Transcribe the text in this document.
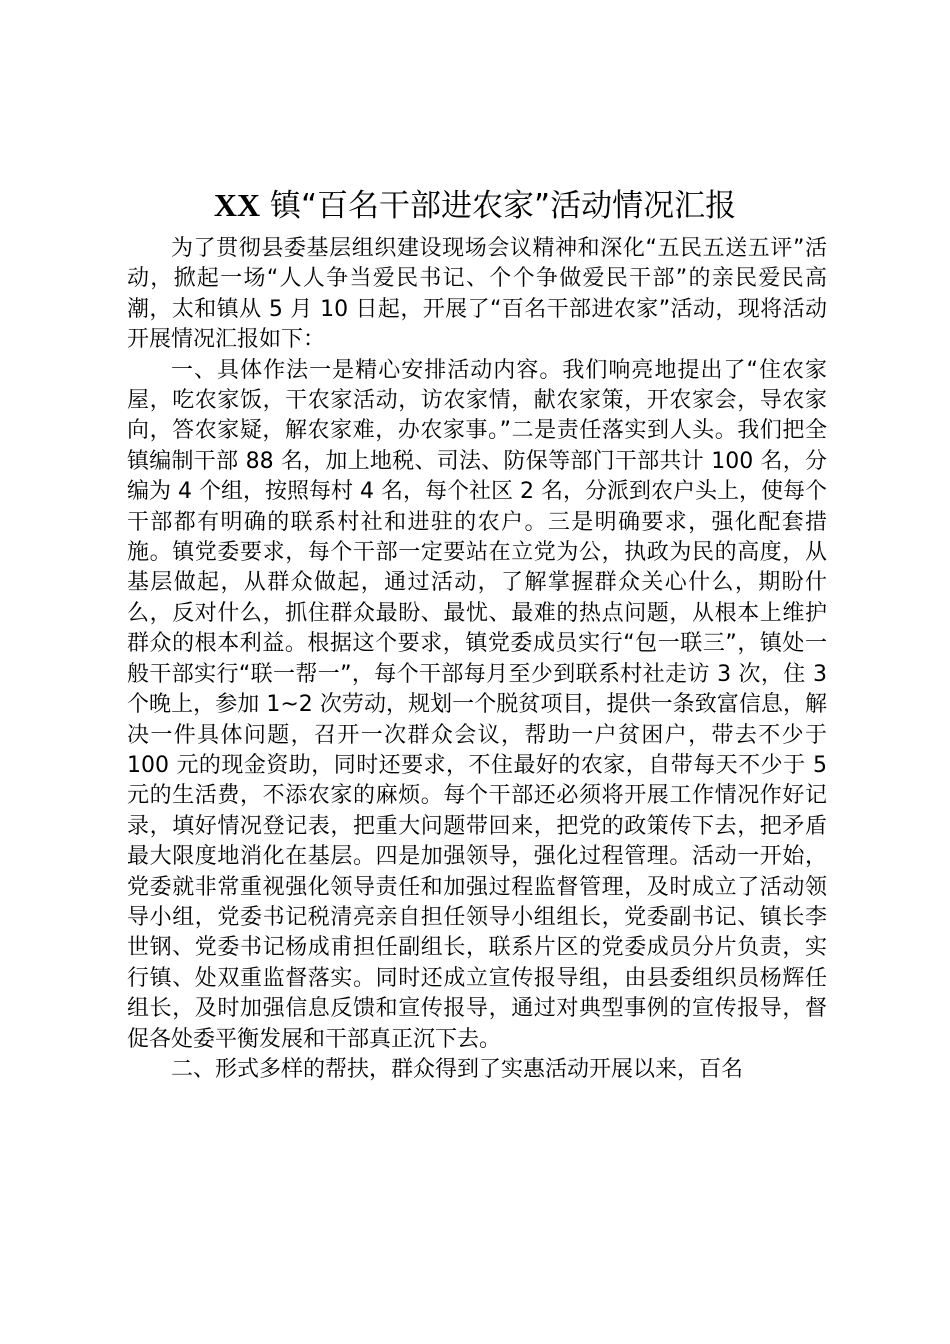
XX 镇“百名干部进农家”活动情况汇报

为了贯彻县委基层组织建设现场会议精神和深化“五民五送五评”活动，掀起一场“人人争当爱民书记、个个争做爱民干部”的亲民爱民高潮，太和镇从 5 月 10 日起，开展了“百名干部进农家”活动，现将活动开展情况汇报如下：

一、具体作法一是精心安排活动内容。我们响亮地提出了“住农家屋，吃农家饭，干农家活动，访农家情，献农家策，开农家会，导农家向，答农家疑，解农家难，办农家事。”二是责任落实到人头。我们把全镇编制干部 88 名，加上地税、司法、防保等部门干部共计 100 名，分编为 4 个组，按照每村 4 名，每个社区 2 名，分派到农户头上，使每个干部都有明确的联系村社和进驻的农户。三是明确要求，强化配套措施。镇党委要求，每个干部一定要站在立党为公，执政为民的高度，从基层做起，从群众做起，通过活动，了解掌握群众关心什么，期盼什么，反对什么，抓住群众最盼、最忧、最难的热点问题，从根本上维护群众的根本利益。根据这个要求，镇党委成员实行“包一联三”，镇处一般干部实行“联一帮一”，每个干部每月至少到联系村社走访 3 次，住 3 个晚上，参加 1~2 次劳动，规划一个脱贫项目，提供一条致富信息，解决一件具体问题，召开一次群众会议，帮助一户贫困户，带去不少于 100 元的现金资助，同时还要求，不住最好的农家，自带每天不少于 5 元的生活费，不添农家的麻烦。每个干部还必须将开展工作情况作好记录，填好情况登记表，把重大问题带回来，把党的政策传下去，把矛盾最大限度地消化在基层。四是加强领导，强化过程管理。活动一开始，党委就非常重视强化领导责任和加强过程监督管理，及时成立了活动领导小组，党委书记税清亮亲自担任领导小组组长，党委副书记、镇长李世钢、党委书记杨成甫担任副组长，联系片区的党委成员分片负责，实行镇、处双重监督落实。同时还成立宣传报导组，由县委组织员杨辉任组长，及时加强信息反馈和宣传报导，通过对典型事例的宣传报导，督促各处委平衡发展和干部真正沉下去。

二、形式多样的帮扶，群众得到了实惠活动开展以来，百名
